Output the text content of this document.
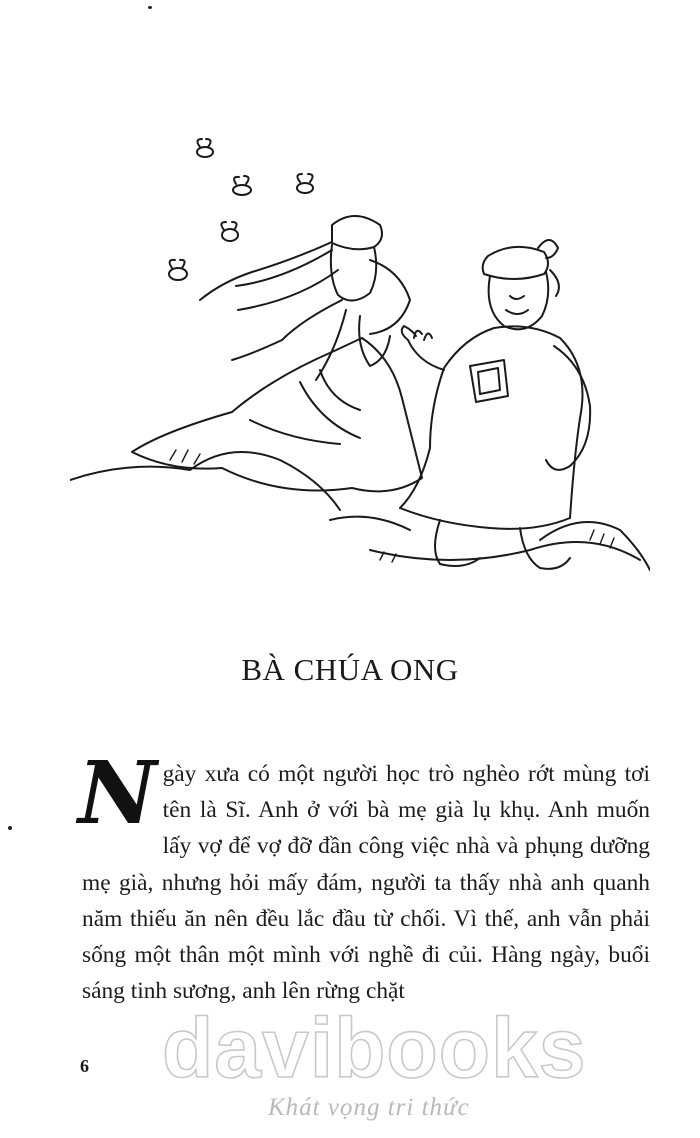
BÀ CHÚA ONG

Ngày xưa có một người học trò nghèo rớt mùng tơi tên là Sĩ. Anh ở với bà mẹ già lụ khụ. Anh muốn lấy vợ để vợ đỡ đần công việc nhà và phụng dưỡng mẹ già, nhưng hỏi mấy đám, người ta thấy nhà anh quanh năm thiếu ăn nên đều lắc đầu từ chối. Vì thế, anh vẫn phải sống một thân một mình với nghề đi củi. Hàng ngày, buổi sáng tinh sương, anh lên rừng chặt

davibooks
Khát vọng tri thức
6
